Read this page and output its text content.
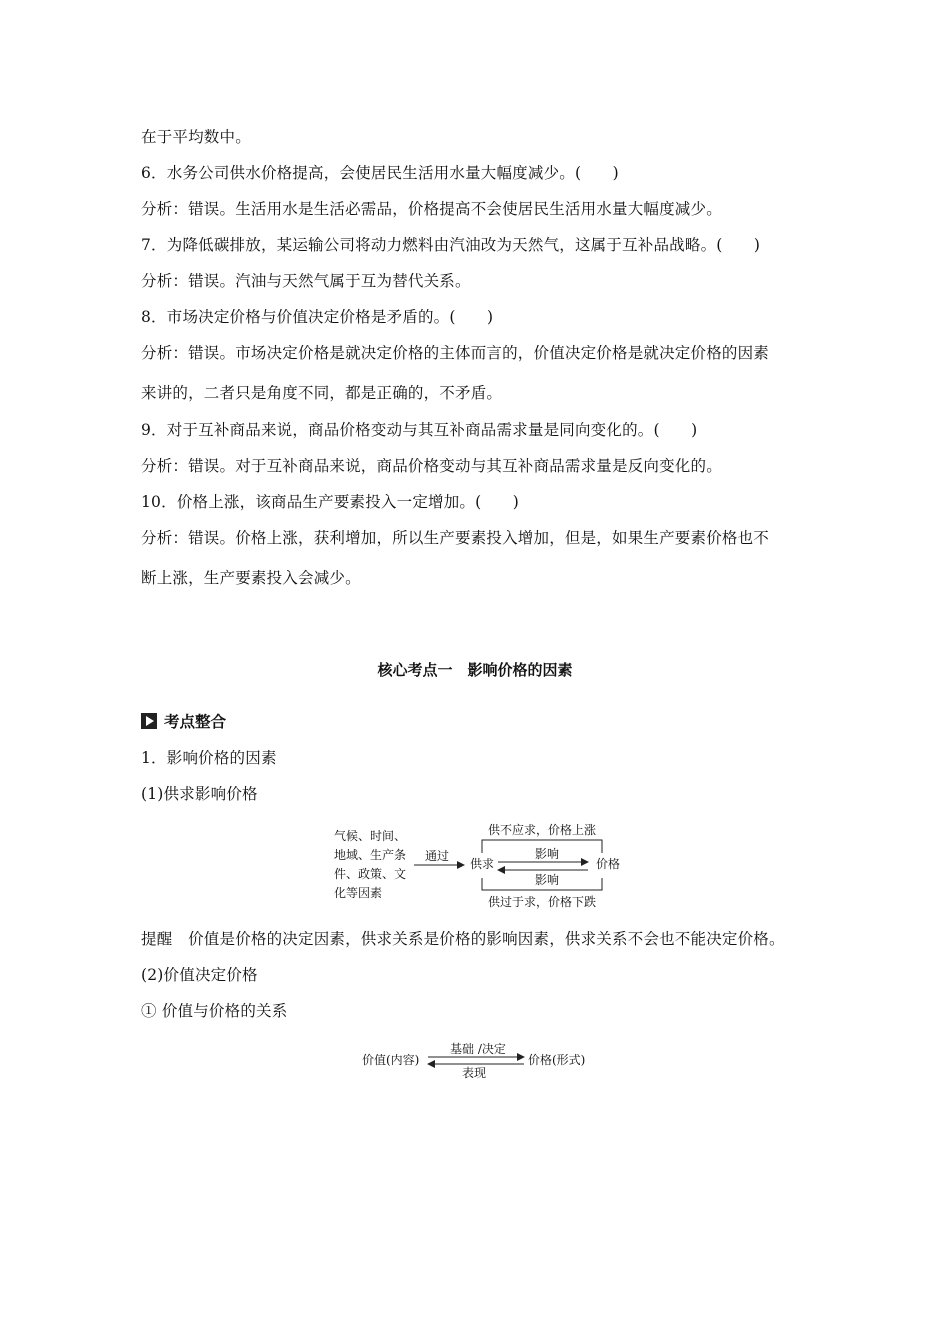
在于平均数中。
6．水务公司供水价格提高，会使居民生活用水量大幅度减少。(　　)
分析：错误。生活用水是生活必需品，价格提高不会使居民生活用水量大幅度减少。
7．为降低碳排放，某运输公司将动力燃料由汽油改为天然气，这属于互补品战略。(　　)
分析：错误。汽油与天然气属于互为替代关系。
8．市场决定价格与价值决定价格是矛盾的。(　　)
分析：错误。市场决定价格是就决定价格的主体而言的，价值决定价格是就决定价格的因素
来讲的，二者只是角度不同，都是正确的，不矛盾。
9．对于互补商品来说，商品价格变动与其互补商品需求量是同向变化的。(　　)
分析：错误。对于互补商品来说，商品价格变动与其互补商品需求量是反向变化的。
10．价格上涨，该商品生产要素投入一定增加。(　　)
分析：错误。价格上涨，获利增加，所以生产要素投入增加，但是，如果生产要素价格也不
断上涨，生产要素投入会减少。
核心考点一　影响价格的因素
考点整合
1．影响价格的因素
(1)供求影响价格
气候、时间、
地域、生产条
件、政策、文
化等因素
通过
供求	价格
影响
影响
供不应求，价格上涨
供过于求，价格下跌
提醒　价值是价格的决定因素，供求关系是价格的影响因素，供求关系不会也不能决定价格。
(2)价值决定价格
① 价值与价格的关系
价值(内容)	价格(形式)
基础 /决定
表现
